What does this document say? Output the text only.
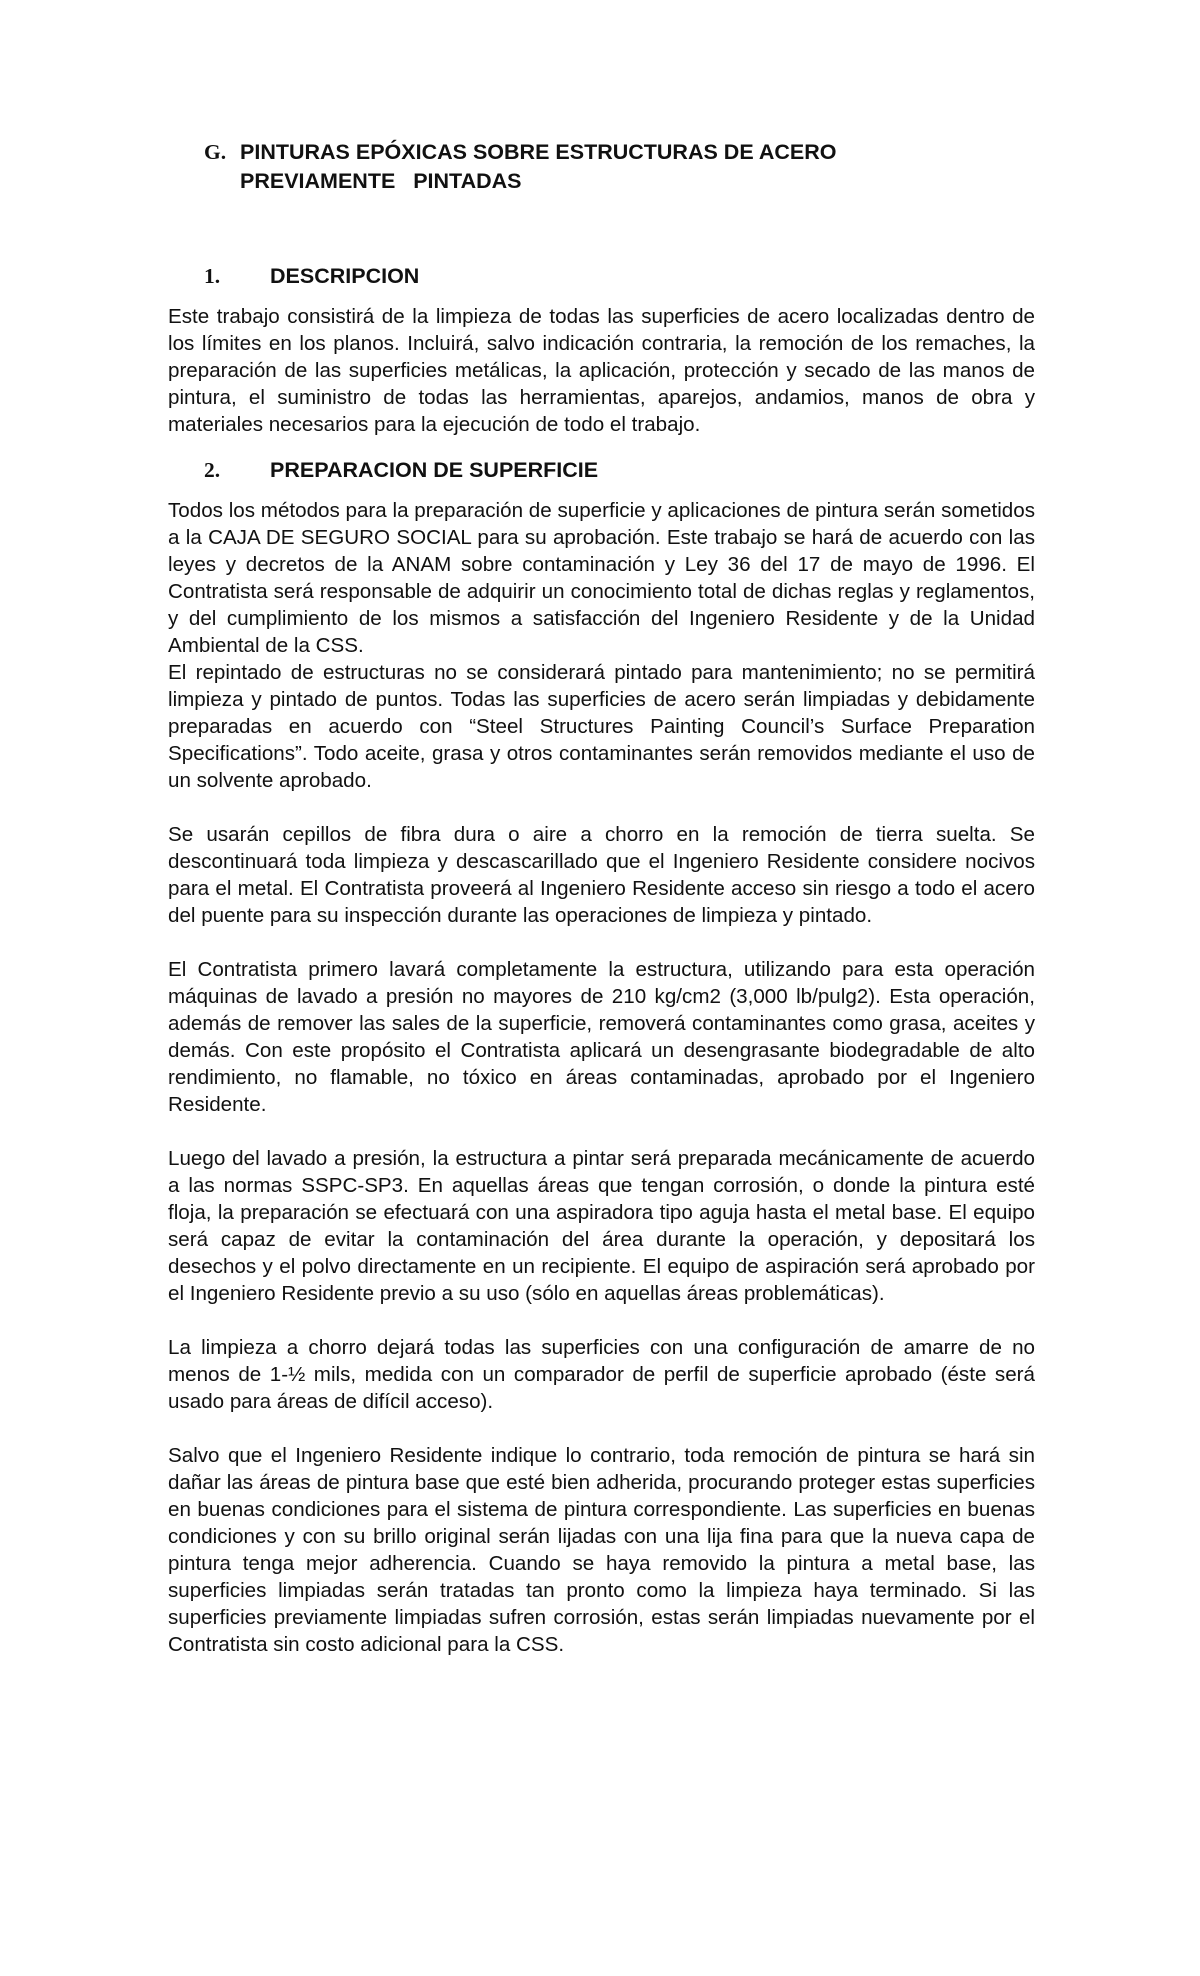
G. PINTURAS EPÓXICAS SOBRE ESTRUCTURAS DE ACERO
PREVIAMENTE   PINTADAS
1.	DESCRIPCION

Este trabajo consistirá de la limpieza de todas las superficies de acero localizadas dentro de los límites en los planos. Incluirá, salvo indicación contraria, la remoción de los remaches, la preparación de las superficies metálicas, la aplicación, protección y secado de las manos de pintura, el suministro de todas las herramientas, aparejos, andamios, manos de obra y materiales necesarios para la ejecución de todo el trabajo.

2.	PREPARACION DE SUPERFICIE

Todos los métodos para la preparación de superficie y aplicaciones de pintura serán sometidos a la CAJA DE SEGURO SOCIAL para su aprobación. Este trabajo se hará de acuerdo con las leyes y decretos de la ANAM sobre contaminación y Ley 36 del 17 de mayo de 1996. El Contratista será responsable de adquirir un conocimiento total de dichas reglas y reglamentos, y del cumplimiento de los mismos a satisfacción del Ingeniero Residente y de la Unidad Ambiental de la CSS.

El repintado de estructuras no se considerará pintado para mantenimiento; no se permitirá limpieza y pintado de puntos. Todas las superficies de acero serán limpiadas y debidamente preparadas en acuerdo con “Steel Structures Painting Council’s Surface Preparation Specifications”. Todo aceite, grasa y otros contaminantes serán removidos mediante el uso de un solvente aprobado.

Se usarán cepillos de fibra dura o aire a chorro en la remoción de tierra suelta. Se descontinuará toda limpieza y descascarillado que el Ingeniero Residente considere nocivos para el metal. El Contratista proveerá al Ingeniero Residente acceso sin riesgo a todo el acero del puente para su inspección durante las operaciones de limpieza y pintado.

El Contratista primero lavará completamente la estructura, utilizando para esta operación máquinas de lavado a presión no mayores de 210 kg/cm2 (3,000 lb/pulg2). Esta operación, además de remover las sales de la superficie, removerá contaminantes como grasa, aceites y demás. Con este propósito el Contratista aplicará un desengrasante biodegradable de alto rendimiento, no flamable, no tóxico en áreas contaminadas, aprobado por el Ingeniero Residente.

Luego del lavado a presión, la estructura a pintar será preparada mecánicamente de acuerdo a las normas SSPC-SP3. En aquellas áreas que tengan corrosión, o donde la pintura esté floja, la preparación se efectuará con una aspiradora tipo aguja hasta el metal base. El equipo será capaz de evitar la contaminación del área durante la operación, y depositará los desechos y el polvo directamente en un recipiente. El equipo de aspiración será aprobado por el Ingeniero Residente previo a su uso (sólo en aquellas áreas problemáticas).

La limpieza a chorro dejará todas las superficies con una configuración de amarre de no menos de 1-½ mils, medida con un comparador de perfil de superficie aprobado (éste será usado para áreas de difícil acceso).

Salvo que el Ingeniero Residente indique lo contrario, toda remoción de pintura se hará sin dañar las áreas de pintura base que esté bien adherida, procurando proteger estas superficies en buenas condiciones para el sistema de pintura correspondiente. Las superficies en buenas condiciones y con su brillo original serán lijadas con una lija fina para que la nueva capa de pintura tenga mejor adherencia. Cuando se haya removido la pintura a metal base, las superficies limpiadas serán tratadas tan pronto como la limpieza haya terminado. Si las superficies previamente limpiadas sufren corrosión, estas serán limpiadas nuevamente por el Contratista sin costo adicional para la CSS.
